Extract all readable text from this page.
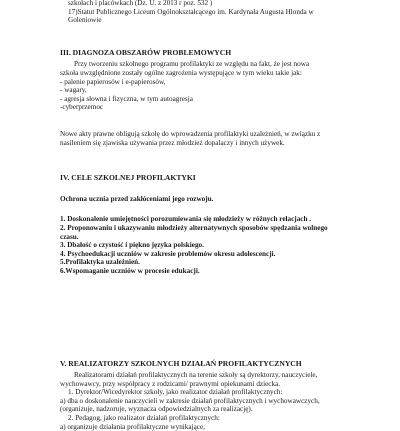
szkołach i placówkach (Dz. U. z 2013 r poz. 532 )
17)Statut Publicznego Liceum Ogólnokształcącego im. Kardynała Augusta Hlonda w
Goleniowie
III. DIAGNOZA OBSZARÓW PROBLEMOWYCH
Przy tworzeniu szkolnego programu profilaktyki ze względu na fakt, że jest nowa
szkoła uwzględnione zostały ogólne zagrożenia występujące w tym wieku takie jak:
- palenie papierosów i e-papierosów,
- wagary,
- agresja słowna i fizyczna, w tym autoagresja
-cyberprzemoc
Nowe akty prawne obligują szkołę do wprowadzenia profilaktyki uzależnień, w związku z
nasileniem się zjawiska używania przez młodzież dopalaczy i innych używek.
IV. CELE SZKOLNEJ PROFILAKTYKI
Ochrona ucznia przed zakłóceniami jego rozwoju.
1. Doskonalenie umiejętności porozumiewania się młodzieży w różnych relacjach .
2. Proponowaniu i ukazywaniu młodzieży alternatywnych sposobów spędzania wolnego
czasu.
3. Dbałość o czystość i piękno języka polskiego.
4. Psychoedukacji uczniów w zakresie problemów okresu adolescencji.
5.Profilaktyka uzależnień.
6.Wspomaganie uczniów w procesie edukacji.
V. REALIZATORZY SZKOLNYCH DZIAŁAŃ PROFILAKTYCZNYCH
Realizatorami działań profilaktycznych na terenie szkoły są dyrektorzy, nauczyciele,
wychowawcy, przy współpracy z rodzicami/ prawnymi opiekunami dziecka.
1. Dyrektor/Wicedyrektor szkoły, jako realizator działań profilaktycznych:
a) dba o doskonalenie nauczycieli w zakresie działań profilaktycznych i wychowawczych,
(organizuje, nadzoruje, wyznacza odpowiedzialnych za realizację).
2. Pedagog, jako realizator działań profilaktycznych:
a) organizuje działania profilaktyczne wynikające,
